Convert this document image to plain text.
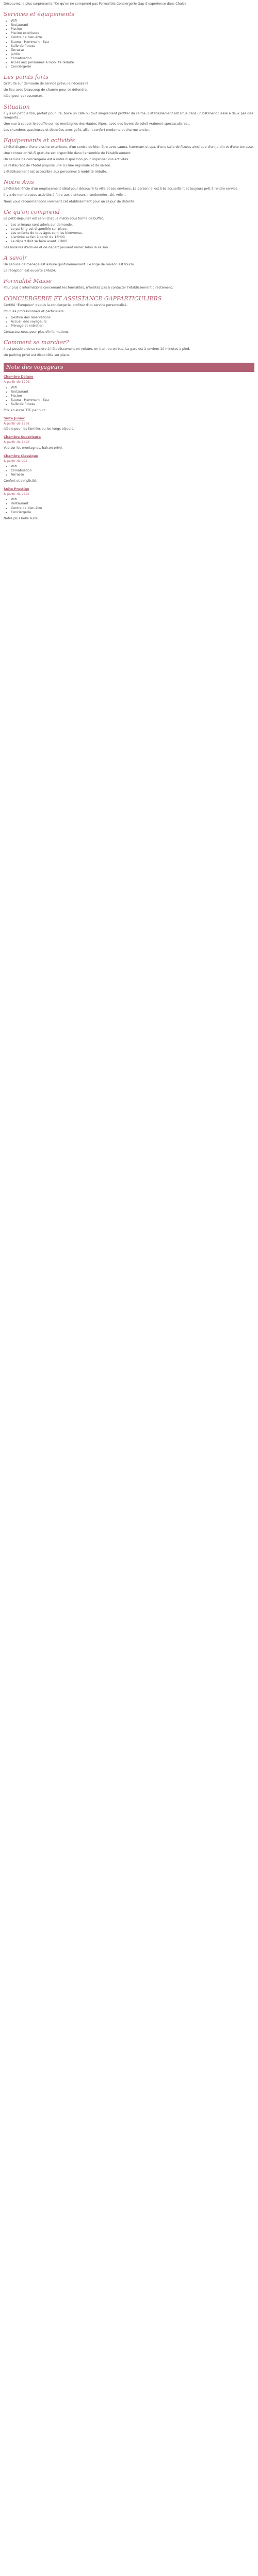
Découvrez la plus surprenante "Ce qu'on ne comprend pas Formalités Conciergerie Gap d'expérience dans Chaise

Services et équipements
• Wifi
• Restaurant
• Piscine
• Piscine extérieure
• Centre de bien-être
• Sauna - Hammam - Spa
• Salle de fitness
• Terrasse
• Jardin
• Climatisation
• Accès aux personnes à mobilité réduite
• Conciergerie
Les points forts

Gratuite sur demande de service prévu le nécessaire...

Un lieu avec beaucoup de charme pour se détendre.

Idéal pour se ressourcer.

Situation

Il y a un petit jardin, parfait pour lire, boire un café ou tout simplement profiter du calme. L'établissement est situé dans un bâtiment classé à deux pas des remparts...

Une vue à couper le souffle sur les montagnes des Hautes-Alpes, avec des levers de soleil vraiment spectaculaires...

Les chambres spacieuses et décorées avec goût, alliant confort moderne et charme ancien.

Equipements et activités

L'hôtel dispose d'une piscine extérieure, d'un centre de bien-être avec sauna, hammam et spa, d'une salle de fitness ainsi que d'un jardin et d'une terrasse.

Une connexion Wi-Fi gratuite est disponible dans l'ensemble de l'établissement.

Un service de conciergerie est à votre disposition pour organiser vos activités.

Le restaurant de l'hôtel propose une cuisine régionale et de saison.

L'établissement est accessible aux personnes à mobilité réduite.

Notre Avis

L'hôtel bénéficie d'un emplacement idéal pour découvrir la ville et ses environs. Le personnel est très accueillant et toujours prêt à rendre service.

Il y a de nombreuses activités à faire aux alentours : randonnées, ski, vélo...

Nous vous recommandons vivement cet établissement pour un séjour de détente.

Ce qu'on comprend

Le petit-déjeuner est servi chaque matin sous forme de buffet.

• Les animaux sont admis sur demande.
• Le parking est disponible sur place.
• Les enfants de tous âges sont les bienvenus.
• L'arrivée se fait à partir de 15h00.
• Le départ doit se faire avant 11h00.

Les horaires d'arrivée et de départ peuvent varier selon la saison.

A savoir

Un service de ménage est assuré quotidiennement. Le linge de maison est fourni.

La réception est ouverte 24h/24.

Formalité Masse

Pour plus d'informations concernant les formalités, n'hésitez pas à contacter l'établissement directement.

CONCIERGERIE ET ASSISTANCE GAPPARTICULIERS

Certifié "Européen" depuis la conciergerie, profitez d'un service personnalisé.

Pour les professionnels et particuliers...

• Gestion des réservations
• Accueil des voyageurs
• Ménage et entretien

Contactez-nous pour plus d'informations.

Comment se marcher?

Il est possible de se rendre à l'établissement en voiture, en train ou en bus. La gare est à environ 10 minutes à pied.

Un parking privé est disponible sur place.

Note des voyageurs
Chambre Deluxe
À partir de 129€
• Wifi
• Restaurant
• Piscine
• Sauna - Hammam - Spa
• Salle de fitness

Prix en euros TTC par nuit.

Suite Junior
À partir de 179€

Idéale pour les familles ou les longs séjours.

Chambre Supérieure
À partir de 149€

Vue sur les montagnes, balcon privé.

Chambre Classique
À partir de 99€
• Wifi
• Climatisation
• Terrasse

Confort et simplicité.

Suite Prestige
À partir de 249€
• Wifi
• Restaurant
• Centre de bien-être
• Conciergerie

Notre plus belle suite.
